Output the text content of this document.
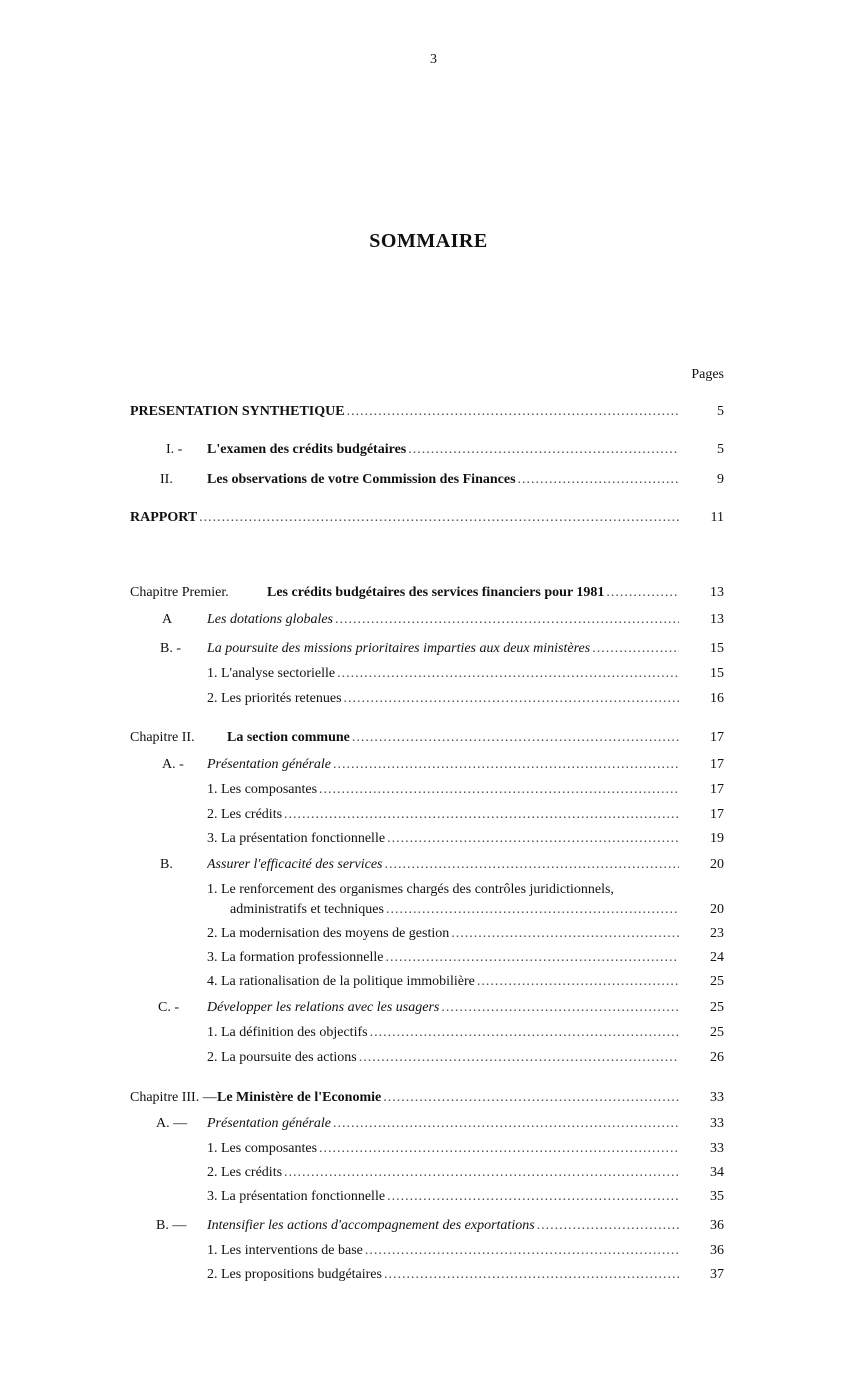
3
SOMMAIRE
Pages
PRESENTATION SYNTHETIQUE .....	5
I. - L'examen des crédits budgétaires .....	5
II. Les observations de votre Commission des Finances .....	9
RAPPORT .....	11
Chapitre Premier.	Les crédits budgétaires des services financiers pour 1981 .....	13
A Les dotations globales .....	13
B. - La poursuite des missions prioritaires imparties aux deux ministères .....	15
1. L'analyse sectorielle .....	15
2. Les priorités retenues .....	16
Chapitre II. La section commune .....	17
A. - Présentation générale .....	17
1. Les composantes .....	17
2. Les crédits .....	17
3. La présentation fonctionnelle .....	19
B. Assurer l'efficacité des services .....	20
1. Le renforcement des organismes chargés des contrôles juridictionnels,
administratifs et techniques .....	20
2. La modernisation des moyens de gestion .....	23
3. La formation professionnelle .....	24
4. La rationalisation de la politique immobilière .....	25
C. - Développer les relations avec les usagers .....	25
1. La définition des objectifs .....	25
2. La poursuite des actions .....	26
Chapitre III. — Le Ministère de l'Economie .....	33
A. — Présentation générale .....	33
1. Les composantes .....	33
2. Les crédits .....	34
3. La présentation fonctionnelle .....	35
B. — Intensifier les actions d'accompagnement des exportations .....	36
1. Les interventions de base .....	36
2. Les propositions budgétaires .....	37
